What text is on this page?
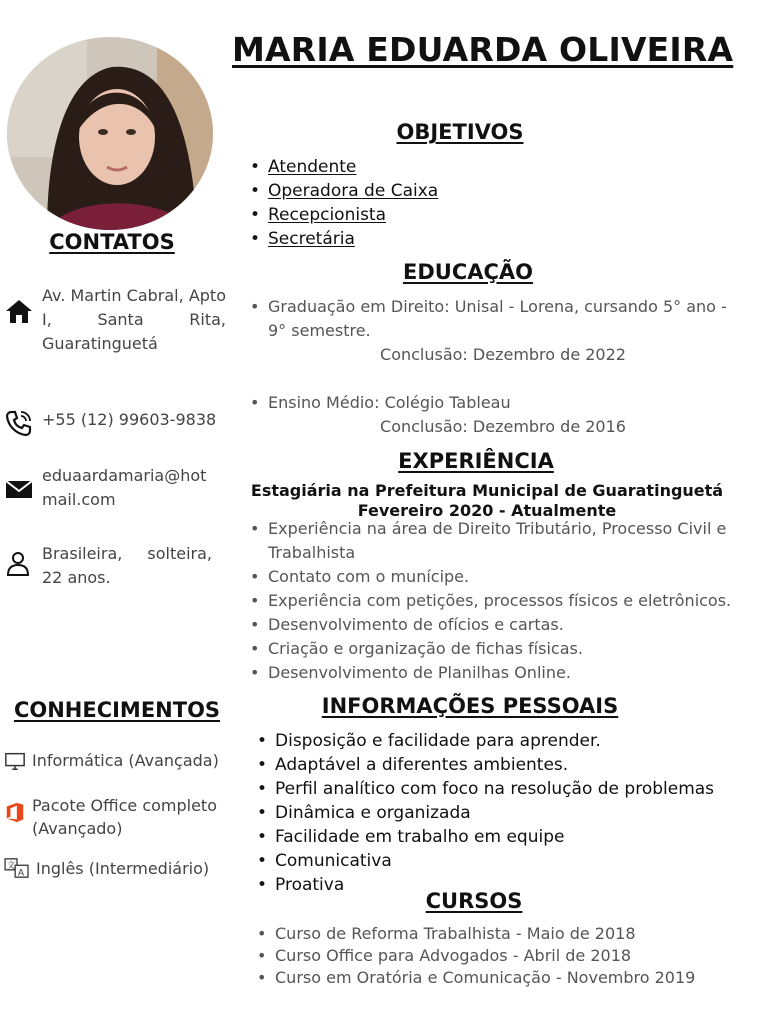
MARIA EDUARDA OLIVEIRA
CONTATOS
Av. Martin Cabral, Apto I, Santa Rita, Guaratinguetá
+55 (12) 99603-9838
eduaardamaria@hot
mail.com
Brasileira, solteira, 22 anos.
CONHECIMENTOS
Informática (Avançada)
Pacote Office completo (Avançado)
文
A Inglês (Intermediário)
OBJETIVOS
• Atendente
• Operadora de Caixa
• Recepcionista
• Secretária
EDUCAÇÃO
• Graduação em Direito: Unisal - Lorena, cursando 5° ano - 9° semestre.
Conclusão: Dezembro de 2022
• Ensino Médio: Colégio Tableau
Conclusão: Dezembro de 2016
EXPERIÊNCIA
Estagiária na Prefeitura Municipal de Guaratinguetá
Fevereiro 2020 - Atualmente
• Experiência na área de Direito Tributário, Processo Civil e Trabalhista
• Contato com o munícipe.
• Experiência com petições, processos físicos e eletrônicos.
• Desenvolvimento de ofícios e cartas.
• Criação e organização de fichas físicas.
• Desenvolvimento de Planilhas Online.
INFORMAÇÕES PESSOAIS
• Disposição e facilidade para aprender.
• Adaptável a diferentes ambientes.
• Perfil analítico com foco na resolução de problemas
• Dinâmica e organizada
• Facilidade em trabalho em equipe
• Comunicativa
• Proativa
CURSOS
• Curso de Reforma Trabalhista - Maio de 2018
• Curso Office para Advogados - Abril de 2018
• Curso em Oratória e Comunicação - Novembro 2019
